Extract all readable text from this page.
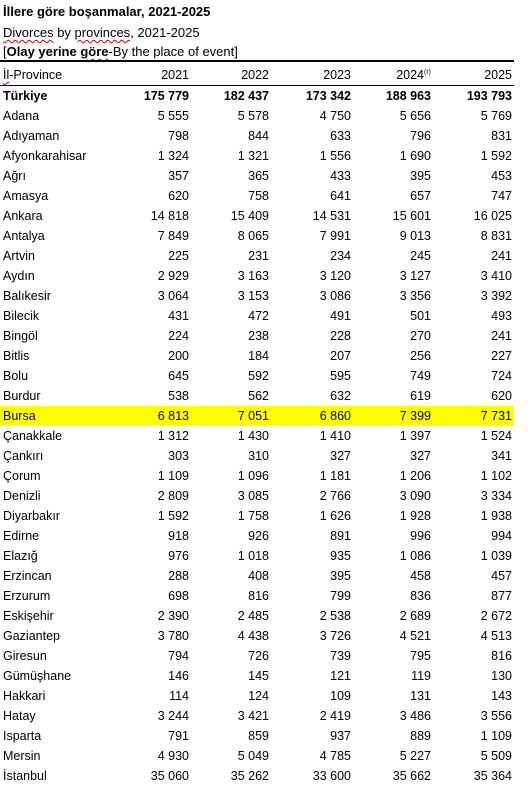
İllere göre boşanmalar, 2021-2025
Divorces by provinces, 2021-2025
[Olay yerine göre-By the place of event]
İl-Province	2021	2022	2023	2024$^{(r)}$	2025
Türkiye	175 779	182 437	173 342	188 963	193 793
Adana	5 555	5 578	4 750	5 656	5 769
Adıyaman	798	844	633	796	831
Afyonkarahisar	1 324	1 321	1 556	1 690	1 592
Ağrı	357	365	433	395	453
Amasya	620	758	641	657	747
Ankara	14 818	15 409	14 531	15 601	16 025
Antalya	7 849	8 065	7 991	9 013	8 831
Artvin	225	231	234	245	241
Aydın	2 929	3 163	3 120	3 127	3 410
Balıkesir	3 064	3 153	3 086	3 356	3 392
Bilecik	431	472	491	501	493
Bingöl	224	238	228	270	241
Bitlis	200	184	207	256	227
Bolu	645	592	595	749	724
Burdur	538	562	632	619	620
Bursa	6 813	7 051	6 860	7 399	7 731
Çanakkale	1 312	1 430	1 410	1 397	1 524
Çankırı	303	310	327	327	341
Çorum	1 109	1 096	1 181	1 206	1 102
Denizli	2 809	3 085	2 766	3 090	3 334
Diyarbakır	1 592	1 758	1 626	1 928	1 938
Edirne	918	926	891	996	994
Elazığ	976	1 018	935	1 086	1 039
Erzincan	288	408	395	458	457
Erzurum	698	816	799	836	877
Eskişehir	2 390	2 485	2 538	2 689	2 672
Gaziantep	3 780	4 438	3 726	4 521	4 513
Giresun	794	726	739	795	816
Gümüşhane	146	145	121	119	130
Hakkari	114	124	109	131	143
Hatay	3 244	3 421	2 419	3 486	3 556
Isparta	791	859	937	889	1 109
Mersin	4 930	5 049	4 785	5 227	5 509
İstanbul	35 060	35 262	33 600	35 662	35 364
